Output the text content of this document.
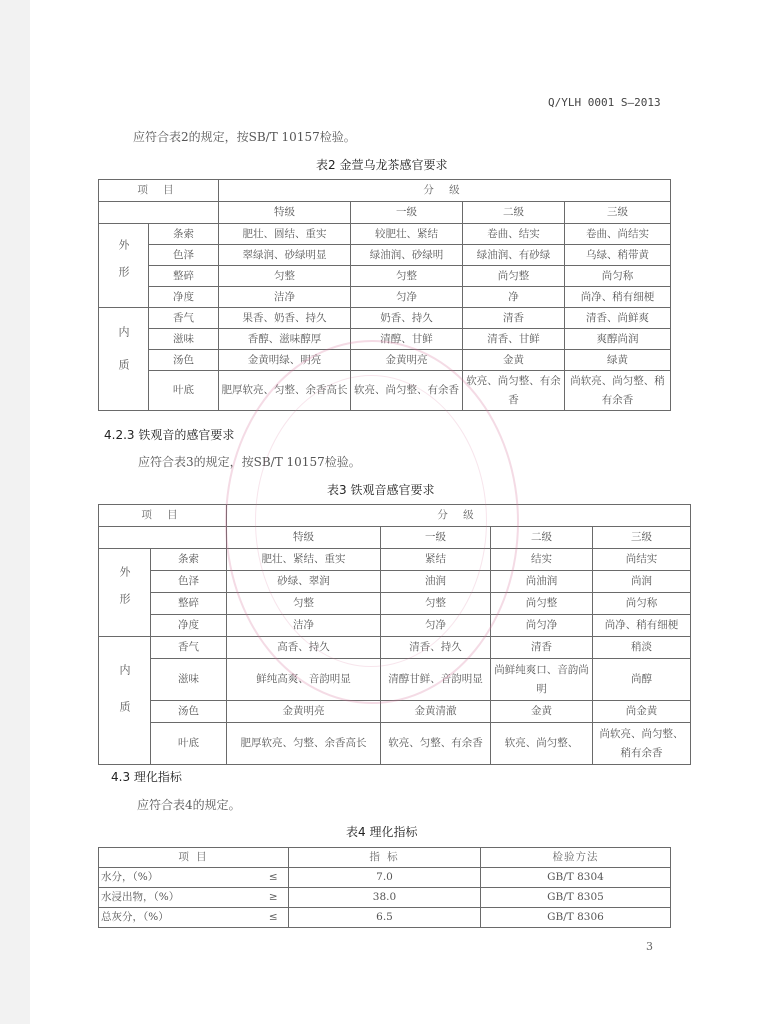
Q/YLH 0001 S—2013
应符合表2的规定，按SB/T 10157检验。
表2 金萱乌龙茶感官要求
项 目		分 级			
		特级	一级	二级	三级
外形	条索	肥壮、圆结、重实	较肥壮、紧结	卷曲、结实	卷曲、尚结实
	色泽	翠绿润、砂绿明显	绿油润、砂绿明	绿油润、有砂绿	乌绿、稍带黄
	整碎	匀整	匀整	尚匀整	尚匀称
	净度	洁净	匀净	净	尚净、稍有细梗
内质	香气	果香、奶香、持久	奶香、持久	清香	清香、尚鲜爽
	滋味	香醇、滋味醇厚	清醇、甘鲜	清香、甘鲜	爽醇尚润
	汤色	金黄明绿、明亮	金黄明亮	金黄	绿黄
	叶底	肥厚软亮、匀整、余香高长	软亮、尚匀整、有余香	软亮、尚匀整、有余香	尚软亮、尚匀整、稍有余香
4.2.3 铁观音的感官要求
应符合表3的规定，按SB/T 10157检验。
表3 铁观音感官要求
项 目		分 级			
		特级	一级	二级	三级
外形	条索	肥壮、紧结、重实	紧结	结实	尚结实
	色泽	砂绿、翠润	油润	尚油润	尚润
	整碎	匀整	匀整	尚匀整	尚匀称
	净度	洁净	匀净	尚匀净	尚净、稍有细梗
内质	香气	高香、持久	清香、持久	清香	稍淡
	滋味	鲜纯高爽、音韵明显	清醇甘鲜、音韵明显	尚鲜纯爽口、音韵尚明	尚醇
	汤色	金黄明亮	金黄清澈	金黄	尚金黄
	叶底	肥厚软亮、匀整、余香高长	软亮、匀整、有余香	软亮、尚匀整、	尚软亮、尚匀整、稍有余香
4.3 理化指标
应符合表4的规定。
表4 理化指标
项 目		指 标	检验方法
水分，（%）	≤	7.0	GB/T 8304
水浸出物，（%）	≥	38.0	GB/T 8305
总灰分，（%）	≤	6.5	GB/T 8306
3
